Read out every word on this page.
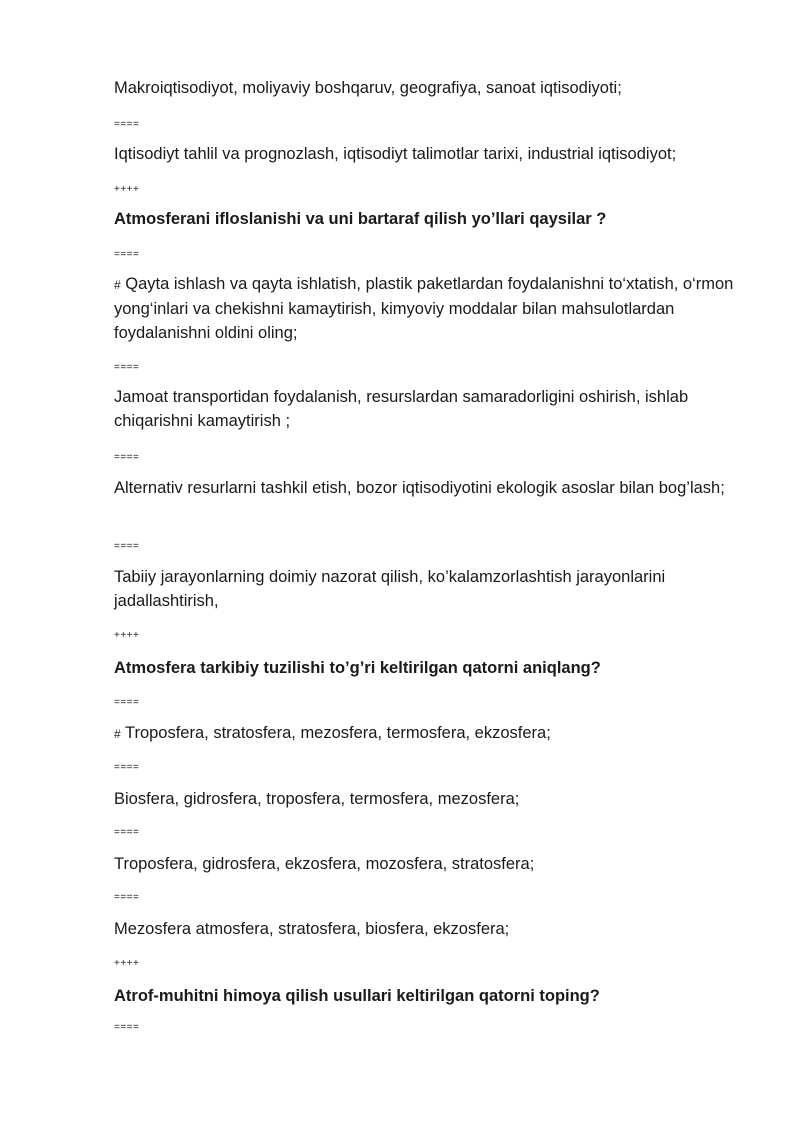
Makroiqtisodiyot, moliyaviy boshqaruv, geografiya, sanoat iqtisodiyoti;

====

Iqtisodiyt tahlil va prognozlash, iqtisodiyt talimotlar tarixi, industrial iqtisodiyot;

++++

Atmosferani ifloslanishi va uni bartaraf qilish yo’llari qaysilar ?

====

# Qayta ishlash va qayta ishlatish, plastik paketlardan foydalanishni to‘xtatish, o‘rmon yong‘inlari va chekishni kamaytirish, kimyoviy moddalar bilan mahsulotlardan foydalanishni oldini oling;

====

Jamoat transportidan foydalanish, resurslardan samaradorligini oshirish, ishlab chiqarishni kamaytirish ;

====

Alternativ resurlarni tashkil etish, bozor iqtisodiyotini ekologik asoslar bilan bog’lash;

====

Tabiiy jarayonlarning doimiy nazorat qilish, ko’kalamzorlashtish jarayonlarini jadallashtirish,

++++

Atmosfera tarkibiy tuzilishi to’g’ri keltirilgan qatorni aniqlang?

====

# Troposfera, stratosfera, mezosfera, termosfera, ekzosfera;

====

Biosfera, gidrosfera, troposfera, termosfera, mezosfera;

====

Troposfera, gidrosfera, ekzosfera, mozosfera, stratosfera;

====

Mezosfera atmosfera, stratosfera, biosfera, ekzosfera;

++++

Atrof-muhitni himoya qilish usullari keltirilgan qatorni toping?

====
